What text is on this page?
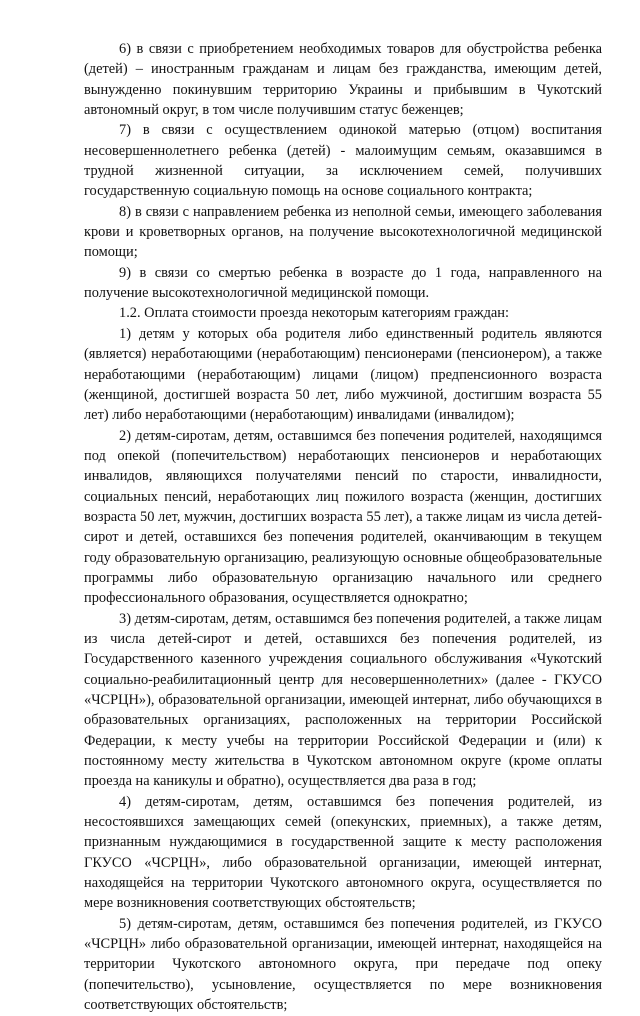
6) в связи с приобретением необходимых товаров для обустройства ребенка (детей) – иностранным гражданам и лицам без гражданства, имеющим детей, вынужденно покинувшим территорию Украины и прибывшим в Чукотский автономный округ, в том числе получившим статус беженцев;

7) в связи с осуществлением одинокой матерью (отцом) воспитания несовершеннолетнего ребенка (детей) - малоимущим семьям, оказавшимся в трудной жизненной ситуации, за исключением семей, получивших государственную социальную помощь на основе социального контракта;

8) в связи с направлением ребенка из неполной семьи, имеющего заболевания крови и кроветворных органов, на получение высокотехнологичной медицинской помощи;

9) в связи со смертью ребенка в возрасте до 1 года, направленного на получение высокотехнологичной медицинской помощи.

1.2. Оплата стоимости проезда некоторым категориям граждан:

1) детям у которых оба родителя либо единственный родитель являются (является) неработающими (неработающим) пенсионерами (пенсионером), а также неработающими (неработающим) лицами (лицом) предпенсионного возраста (женщиной, достигшей возраста 50 лет, либо мужчиной, достигшим возраста 55 лет) либо неработающими (неработающим) инвалидами (инвалидом);

2) детям-сиротам, детям, оставшимся без попечения родителей, находящимся под опекой (попечительством) неработающих пенсионеров и неработающих инвалидов, являющихся получателями пенсий по старости, инвалидности, социальных пенсий, неработающих лиц пожилого возраста (женщин, достигших возраста 50 лет, мужчин, достигших возраста 55 лет), а также лицам из числа детей-сирот и детей, оставшихся без попечения родителей, оканчивающим в текущем году образовательную организацию, реализующую основные общеобразовательные программы либо образовательную организацию начального или среднего профессионального образования, осуществляется однократно;

3) детям-сиротам, детям, оставшимся без попечения родителей, а также лицам из числа детей-сирот и детей, оставшихся без попечения родителей, из Государственного казенного учреждения социального обслуживания «Чукотский социально-реабилитационный центр для несовершеннолетних» (далее - ГКУСО «ЧСРЦН»), образовательной организации, имеющей интернат, либо обучающихся в образовательных организациях, расположенных на территории Российской Федерации, к месту учебы на территории Российской Федерации и (или) к постоянному месту жительства в Чукотском автономном округе (кроме оплаты проезда на каникулы и обратно), осуществляется два раза в год;

4) детям-сиротам, детям, оставшимся без попечения родителей, из несостоявшихся замещающих семей (опекунских, приемных), а также детям, признанным нуждающимися в государственной защите к месту расположения ГКУСО «ЧСРЦН», либо образовательной организации, имеющей интернат, находящейся на территории Чукотского автономного округа, осуществляется по мере возникновения соответствующих обстоятельств;

5) детям-сиротам, детям, оставшимся без попечения родителей, из ГКУСО «ЧСРЦН» либо образовательной организации, имеющей интернат, находящейся на территории Чукотского автономного округа, при передаче под опеку (попечительство), усыновление, осуществляется по мере возникновения соответствующих обстоятельств;
